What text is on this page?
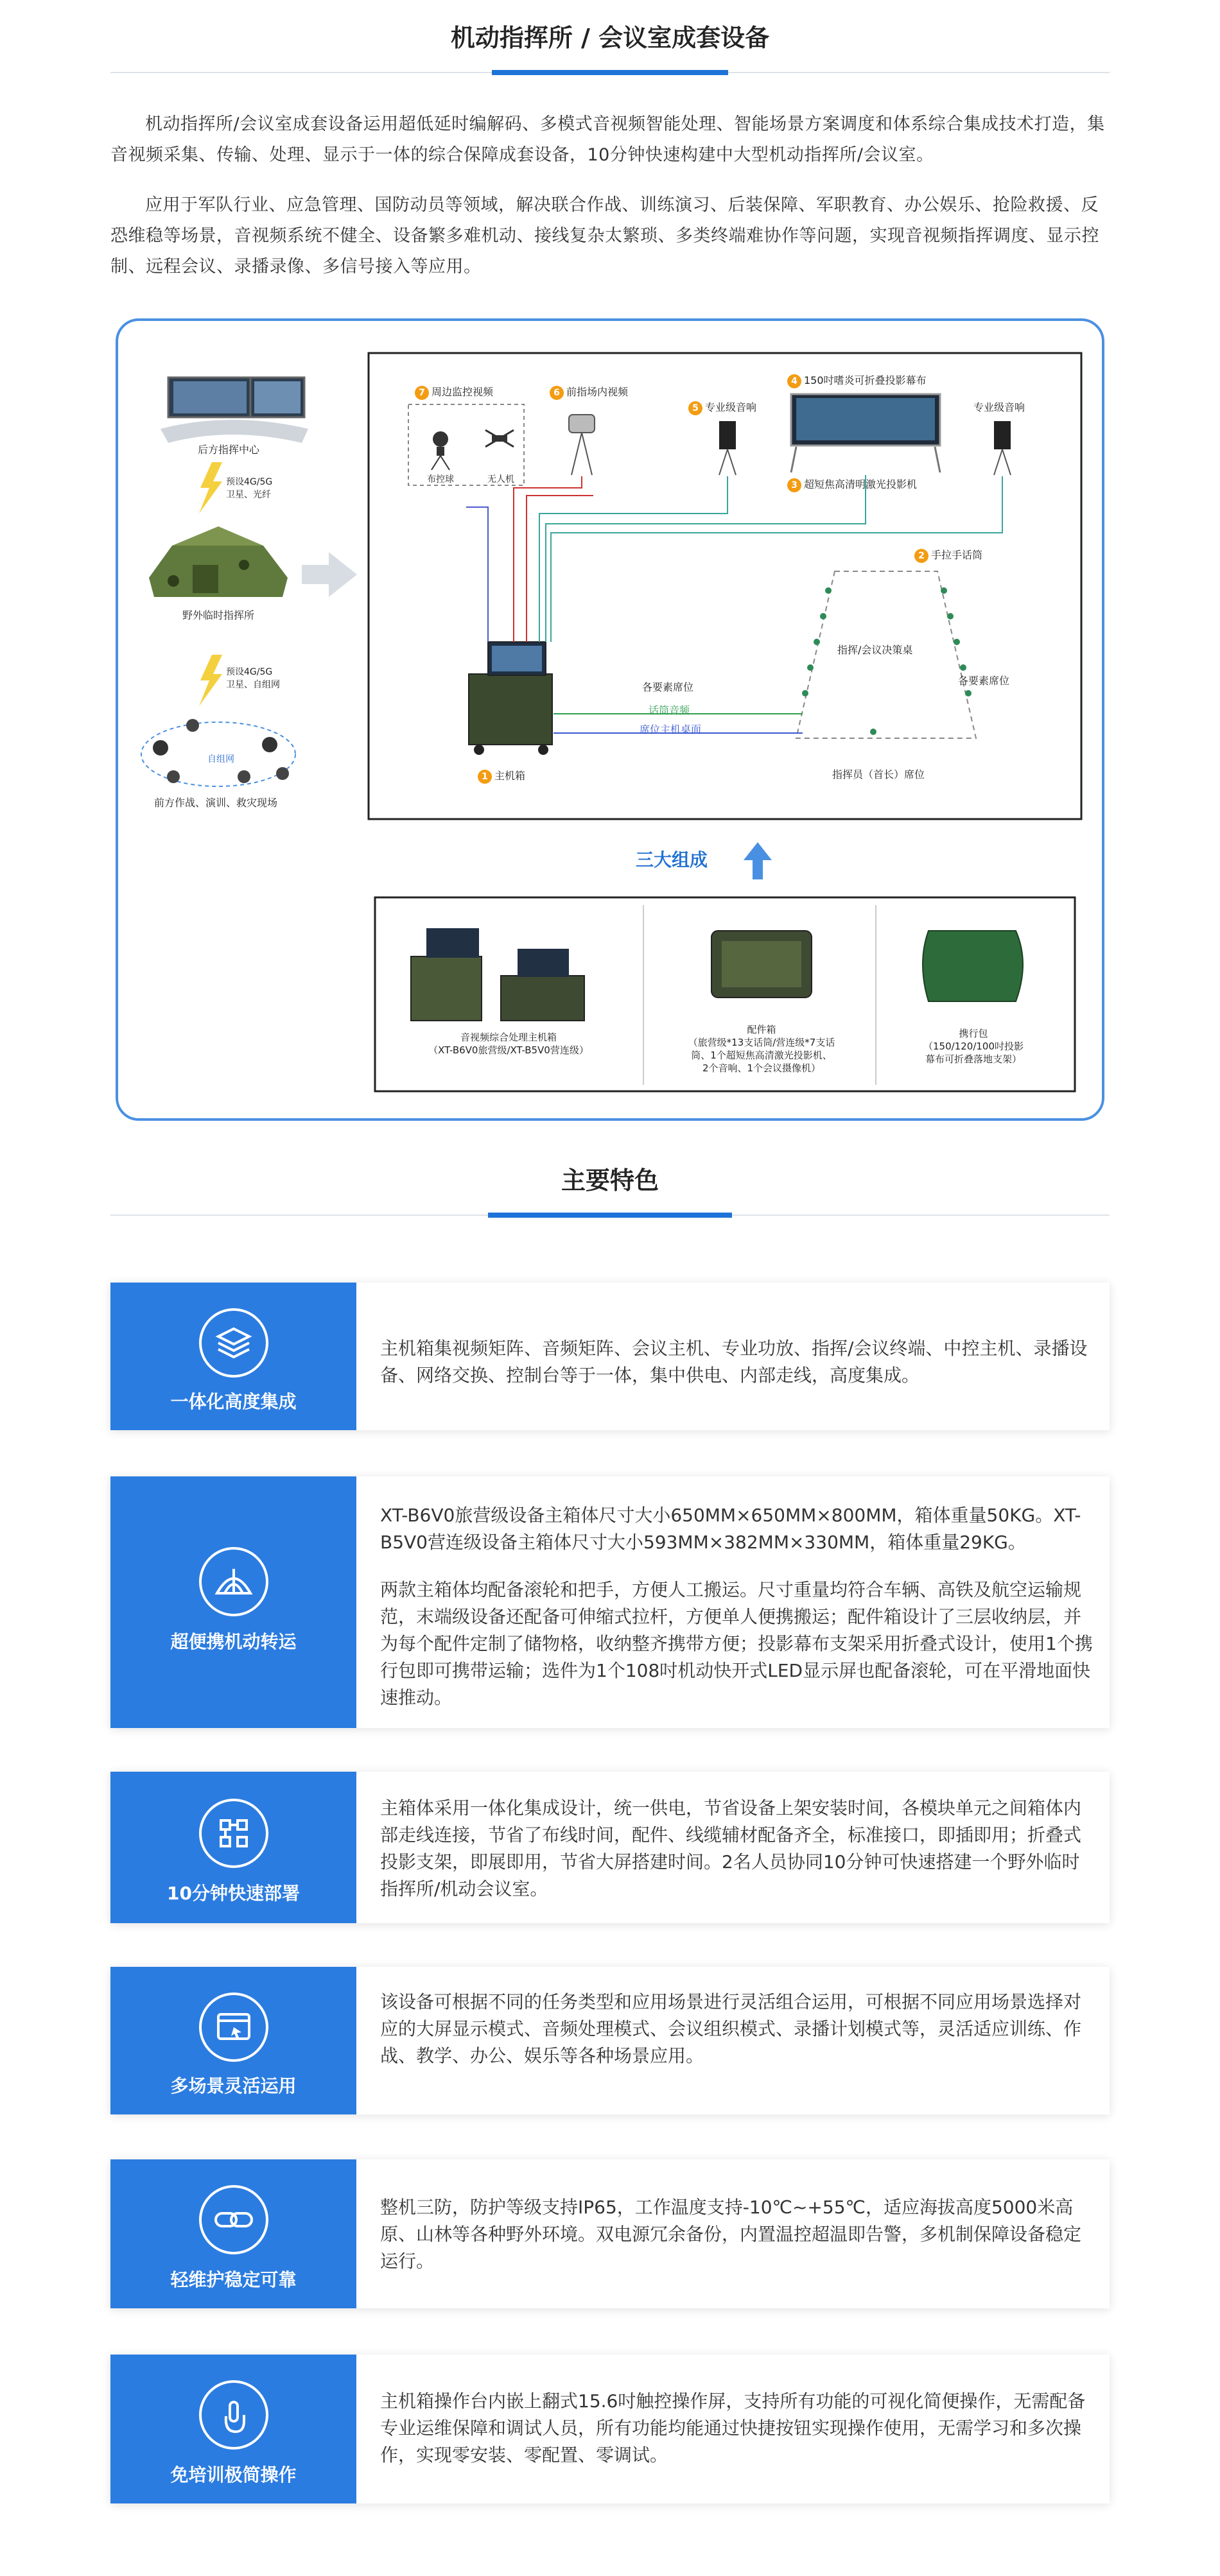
机动指挥所 / 会议室成套设备

机动指挥所/会议室成套设备运用超低延时编解码、多模式音视频智能处理、智能场景方案调度和体系综合集成技术打造，集音视频采集、传输、处理、显示于一体的综合保障成套设备，10分钟快速构建中大型机动指挥所/会议室。

应用于军队行业、应急管理、国防动员等领域，解决联合作战、训练演习、后装保障、军职教育、办公娱乐、抢险救援、反恐维稳等场景，音视频系统不健全、设备繁多难机动、接线复杂太繁琐、多类终端难协作等问题，实现音视频指挥调度、显示控制、远程会议、录播录像、多信号接入等应用。

后方指挥中心
预设4G/5G
卫星、光纤
野外临时指挥所
预设4G/5G
卫星、自组网
自组网
前方作战、演训、救灾现场
7 周边监控视频
布控球	无人机
6 前指场内视频
5 专业级音响
4 150吋嗜炎可折叠投影幕布
3 超短焦高清明激光投影机
专业级音响
2 手拉手话筒
指挥/会议决策桌
各要素席位
各要素席位
话筒音频
席位主机桌面
1 主机箱	指挥员（首长）席位
三大组成
音视频综合处理主机箱
（XT-B6V0旅营级/XT-B5V0营连级）
配件箱
（旅营级*13支话筒/营连级*7支话
筒、1个超短焦高清激光投影机、
2个音响、1个会议摄像机）
携行包
（150/120/100吋投影
幕布可折叠落地支架）
主要特色
一体化高度集成

主机箱集视频矩阵、音频矩阵、会议主机、专业功放、指挥/会议终端、中控主机、录播设备、网络交换、控制台等于一体，集中供电、内部走线，高度集成。

超便携机动转运

XT-B6V0旅营级设备主箱体尺寸大小650MM×650MM×800MM，箱体重量50KG。XT-B5V0营连级设备主箱体尺寸大小593MM×382MM×330MM，箱体重量29KG。

两款主箱体均配备滚轮和把手，方便人工搬运。尺寸重量均符合车辆、高铁及航空运输规范，末端级设备还配备可伸缩式拉杆，方便单人便携搬运；配件箱设计了三层收纳层，并为每个配件定制了储物格，收纳整齐携带方便；投影幕布支架采用折叠式设计，使用1个携行包即可携带运输；选件为1个108吋机动快开式LED显示屏也配备滚轮，可在平滑地面快速推动。

10分钟快速部署

主箱体采用一体化集成设计，统一供电，节省设备上架安装时间，各模块单元之间箱体内部走线连接，节省了布线时间，配件、线缆辅材配备齐全，标准接口，即插即用；折叠式投影支架，即展即用，节省大屏搭建时间。2名人员协同10分钟可快速搭建一个野外临时指挥所/机动会议室。

多场景灵活运用

该设备可根据不同的任务类型和应用场景进行灵活组合运用，可根据不同应用场景选择对应的大屏显示模式、音频处理模式、会议组织模式、录播计划模式等，灵活适应训练、作战、教学、办公、娱乐等各种场景应用。

轻维护稳定可靠

整机三防，防护等级支持IP65，工作温度支持-10℃~+55℃，适应海拔高度5000米高原、山林等各种野外环境。双电源冗余备份，内置温控超温即告警，多机制保障设备稳定运行。

免培训极简操作

主机箱操作台内嵌上翻式15.6吋触控操作屏，支持所有功能的可视化简便操作，无需配备专业运维保障和调试人员，所有功能均能通过快捷按钮实现操作使用，无需学习和多次操作，实现零安装、零配置、零调试。
